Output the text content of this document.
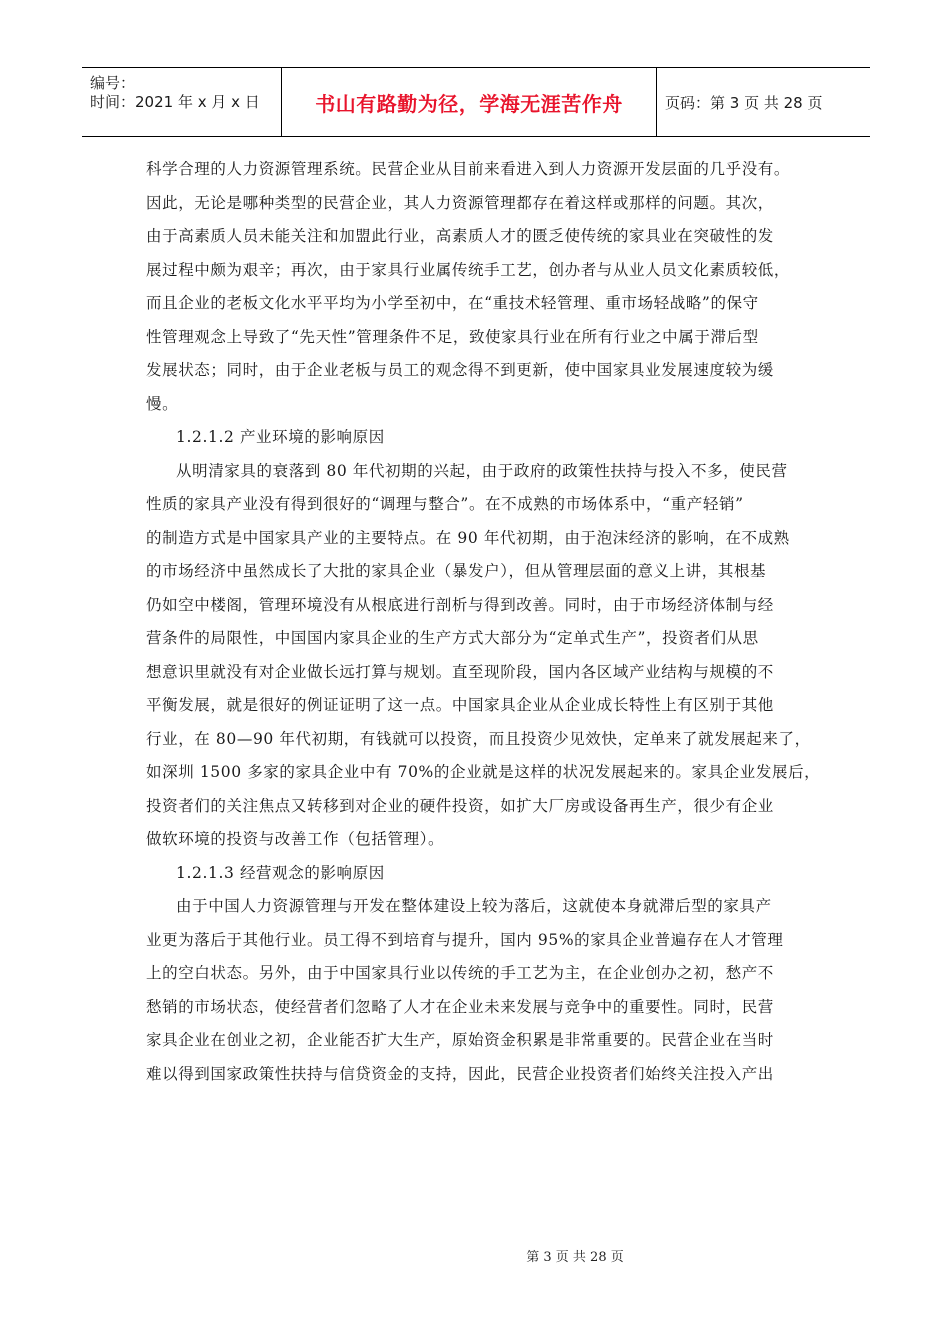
编号：
时间：2021 年 x 月 x 日	书山有路勤为径，学海无涯苦作舟	页码：第 3 页 共 28 页
科学合理的人力资源管理系统。民营企业从目前来看进入到人力资源开发层面的几乎没有。
因此，无论是哪种类型的民营企业，其人力资源管理都存在着这样或那样的问题。其次，
由于高素质人员未能关注和加盟此行业，高素质人才的匮乏使传统的家具业在突破性的发
展过程中颇为艰辛；再次，由于家具行业属传统手工艺，创办者与从业人员文化素质较低，
而且企业的老板文化水平平均为小学至初中，在“重技术轻管理、重市场轻战略”的保守
性管理观念上导致了“先天性”管理条件不足，致使家具行业在所有行业之中属于滞后型
发展状态；同时，由于企业老板与员工的观念得不到更新，使中国家具业发展速度较为缓
慢。
1.2.1.2 产业环境的影响原因
从明清家具的衰落到 80 年代初期的兴起，由于政府的政策性扶持与投入不多，使民营
性质的家具产业没有得到很好的“调理与整合”。在不成熟的市场体系中，“重产轻销”
的制造方式是中国家具产业的主要特点。在 90 年代初期，由于泡沫经济的影响，在不成熟
的市场经济中虽然成长了大批的家具企业（暴发户），但从管理层面的意义上讲，其根基
仍如空中楼阁，管理环境没有从根底进行剖析与得到改善。同时，由于市场经济体制与经
营条件的局限性，中国国内家具企业的生产方式大部分为“定单式生产”，投资者们从思
想意识里就没有对企业做长远打算与规划。直至现阶段，国内各区域产业结构与规模的不
平衡发展，就是很好的例证证明了这一点。中国家具企业从企业成长特性上有区别于其他
行业，在 80—90 年代初期，有钱就可以投资，而且投资少见效快，定单来了就发展起来了，
如深圳 1500 多家的家具企业中有 70%的企业就是这样的状况发展起来的。家具企业发展后，
投资者们的关注焦点又转移到对企业的硬件投资，如扩大厂房或设备再生产，很少有企业
做软环境的投资与改善工作（包括管理）。
1.2.1.3 经营观念的影响原因
由于中国人力资源管理与开发在整体建设上较为落后，这就使本身就滞后型的家具产
业更为落后于其他行业。员工得不到培育与提升，国内 95%的家具企业普遍存在人才管理
上的空白状态。另外，由于中国家具行业以传统的手工艺为主，在企业创办之初，愁产不
愁销的市场状态，使经营者们忽略了人才在企业未来发展与竞争中的重要性。同时，民营
家具企业在创业之初，企业能否扩大生产，原始资金积累是非常重要的。民营企业在当时
难以得到国家政策性扶持与信贷资金的支持，因此，民营企业投资者们始终关注投入产出
第 3 页 共 28 页
